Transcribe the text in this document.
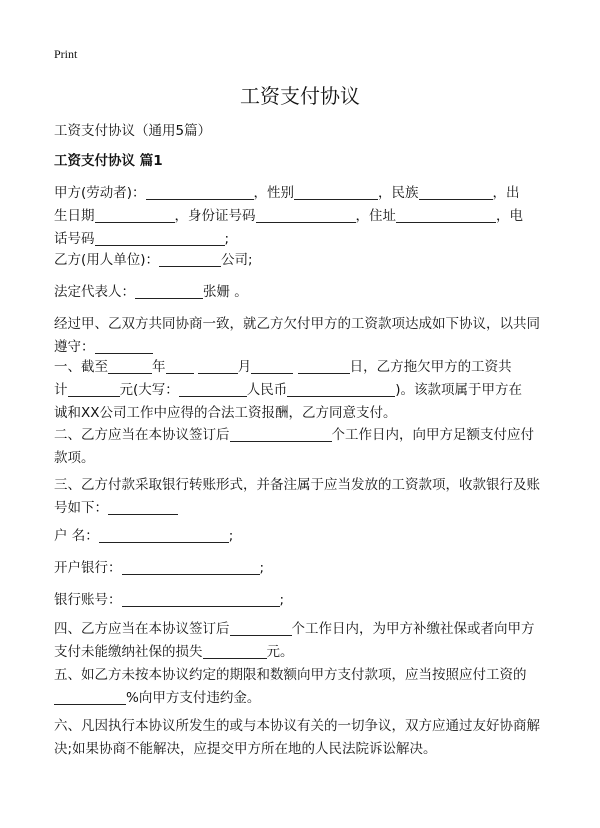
Print
工资支付协议
工资支付协议（通用5篇）
工资支付协议 篇1
甲方(劳动者)：	，性别	，民族	，出
生日期	，身份证号码	，住址	，电
话号码	;
乙方(用人单位)：	公司;
法定代表人：	张姗 。
经过甲、乙双方共同协商一致，就乙方欠付甲方的工资款项达成如下协议，以共同
遵守：
一、截至	年	月	日，乙方拖欠甲方的工资共
计	元(大写：	人民币	)。该款项属于甲方在
诚和XX公司工作中应得的合法工资报酬，乙方同意支付。
二、乙方应当在本协议签订后	个工作日内，向甲方足额支付应付
款项。
三、乙方付款采取银行转账形式，并备注属于应当发放的工资款项，收款银行及账
号如下：
户 名：	;
开户银行：	;
银行账号：	;
四、乙方应当在本协议签订后	个工作日内，为甲方补缴社保或者向甲方
支付未能缴纳社保的损失	元。
五、如乙方未按本协议约定的期限和数额向甲方支付款项，应当按照应付工资的
%向甲方支付违约金。
六、凡因执行本协议所发生的或与本协议有关的一切争议，双方应通过友好协商解
决;如果协商不能解决，应提交甲方所在地的人民法院诉讼解决。
